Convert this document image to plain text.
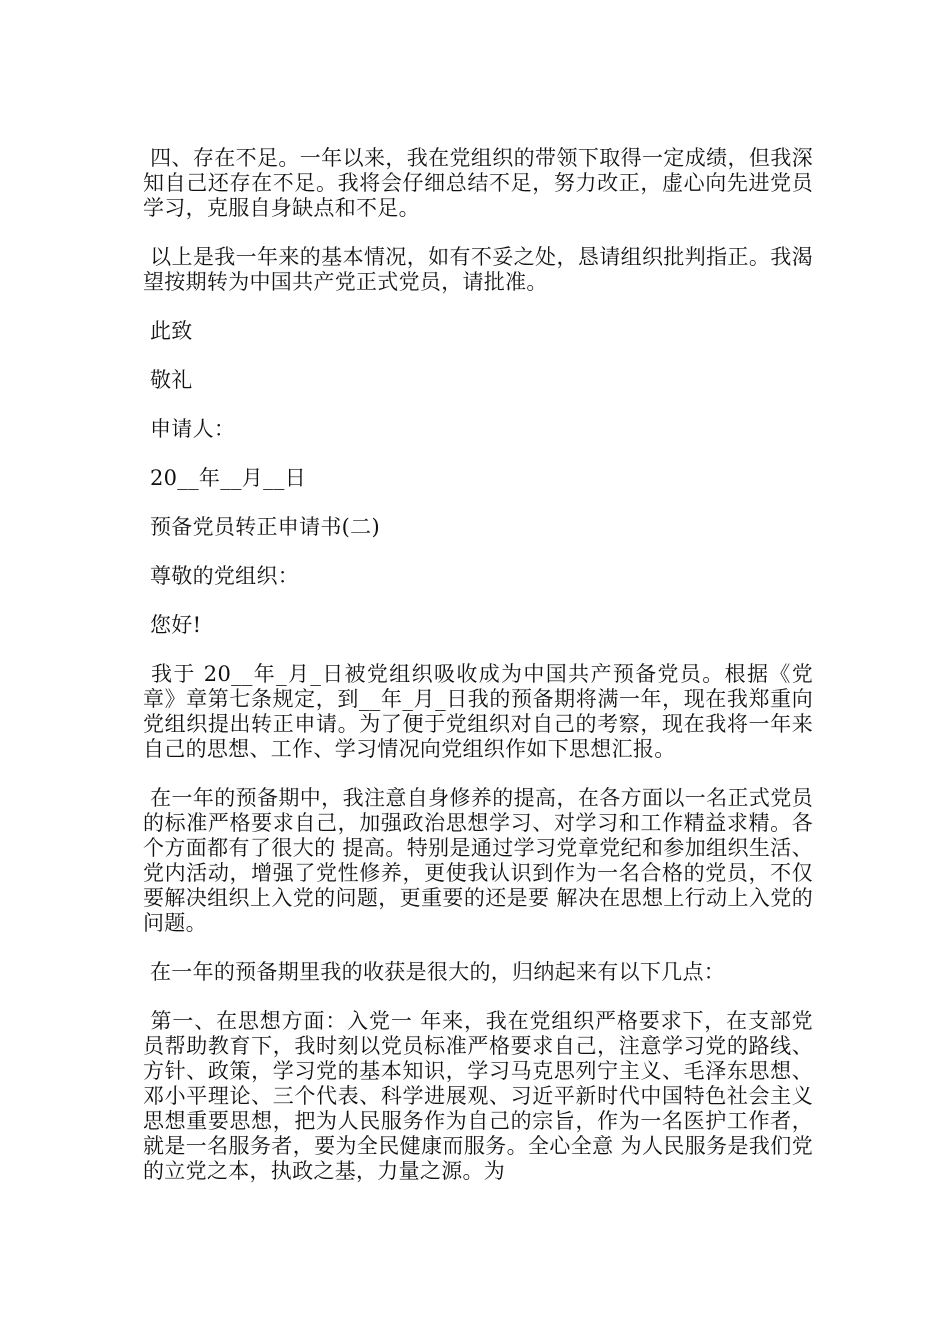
四、存在不足。一年以来，我在党组织的带领下取得一定成绩，但我深知自己还存在不足。我将会仔细总结不足，努力改正，虚心向先进党员学习，克服自身缺点和不足。

以上是我一年来的基本情况，如有不妥之处，恳请组织批判指正。我渴望按期转为中国共产党正式党员，请批准。

此致

敬礼

申请人：

20__年__月__日

预备党员转正申请书(二)

尊敬的党组织：

您好!

我于 20__年_月_日被党组织吸收成为中国共产预备党员。根据《党章》章第七条规定，到__年_月_日我的预备期将满一年，现在我郑重向党组织提出转正申请。为了便于党组织对自己的考察，现在我将一年来自己的思想、工作、学习情况向党组织作如下思想汇报。

在一年的预备期中，我注意自身修养的提高，在各方面以一名正式党员的标准严格要求自己，加强政治思想学习、对学习和工作精益求精。各个方面都有了很大的 提高。特别是通过学习党章党纪和参加组织生活、党内活动，增强了党性修养，更使我认识到作为一名合格的党员，不仅要解决组织上入党的问题，更重要的还是要 解决在思想上行动上入党的问题。

在一年的预备期里我的收获是很大的，归纳起来有以下几点：

第一、在思想方面：入党一 年来，我在党组织严格要求下，在支部党员帮助教育下，我时刻以党员标准严格要求自己，注意学习党的路线、方针、政策，学习党的基本知识，学习马克思列宁主义、毛泽东思想、邓小平理论、三个代表、科学进展观、习近平新时代中国特色社会主义思想重要思想，把为人民服务作为自己的宗旨，作为一名医护工作者，就是一名服务者，要为全民健康而服务。全心全意 为人民服务是我们党的立党之本，执政之基，力量之源。为
